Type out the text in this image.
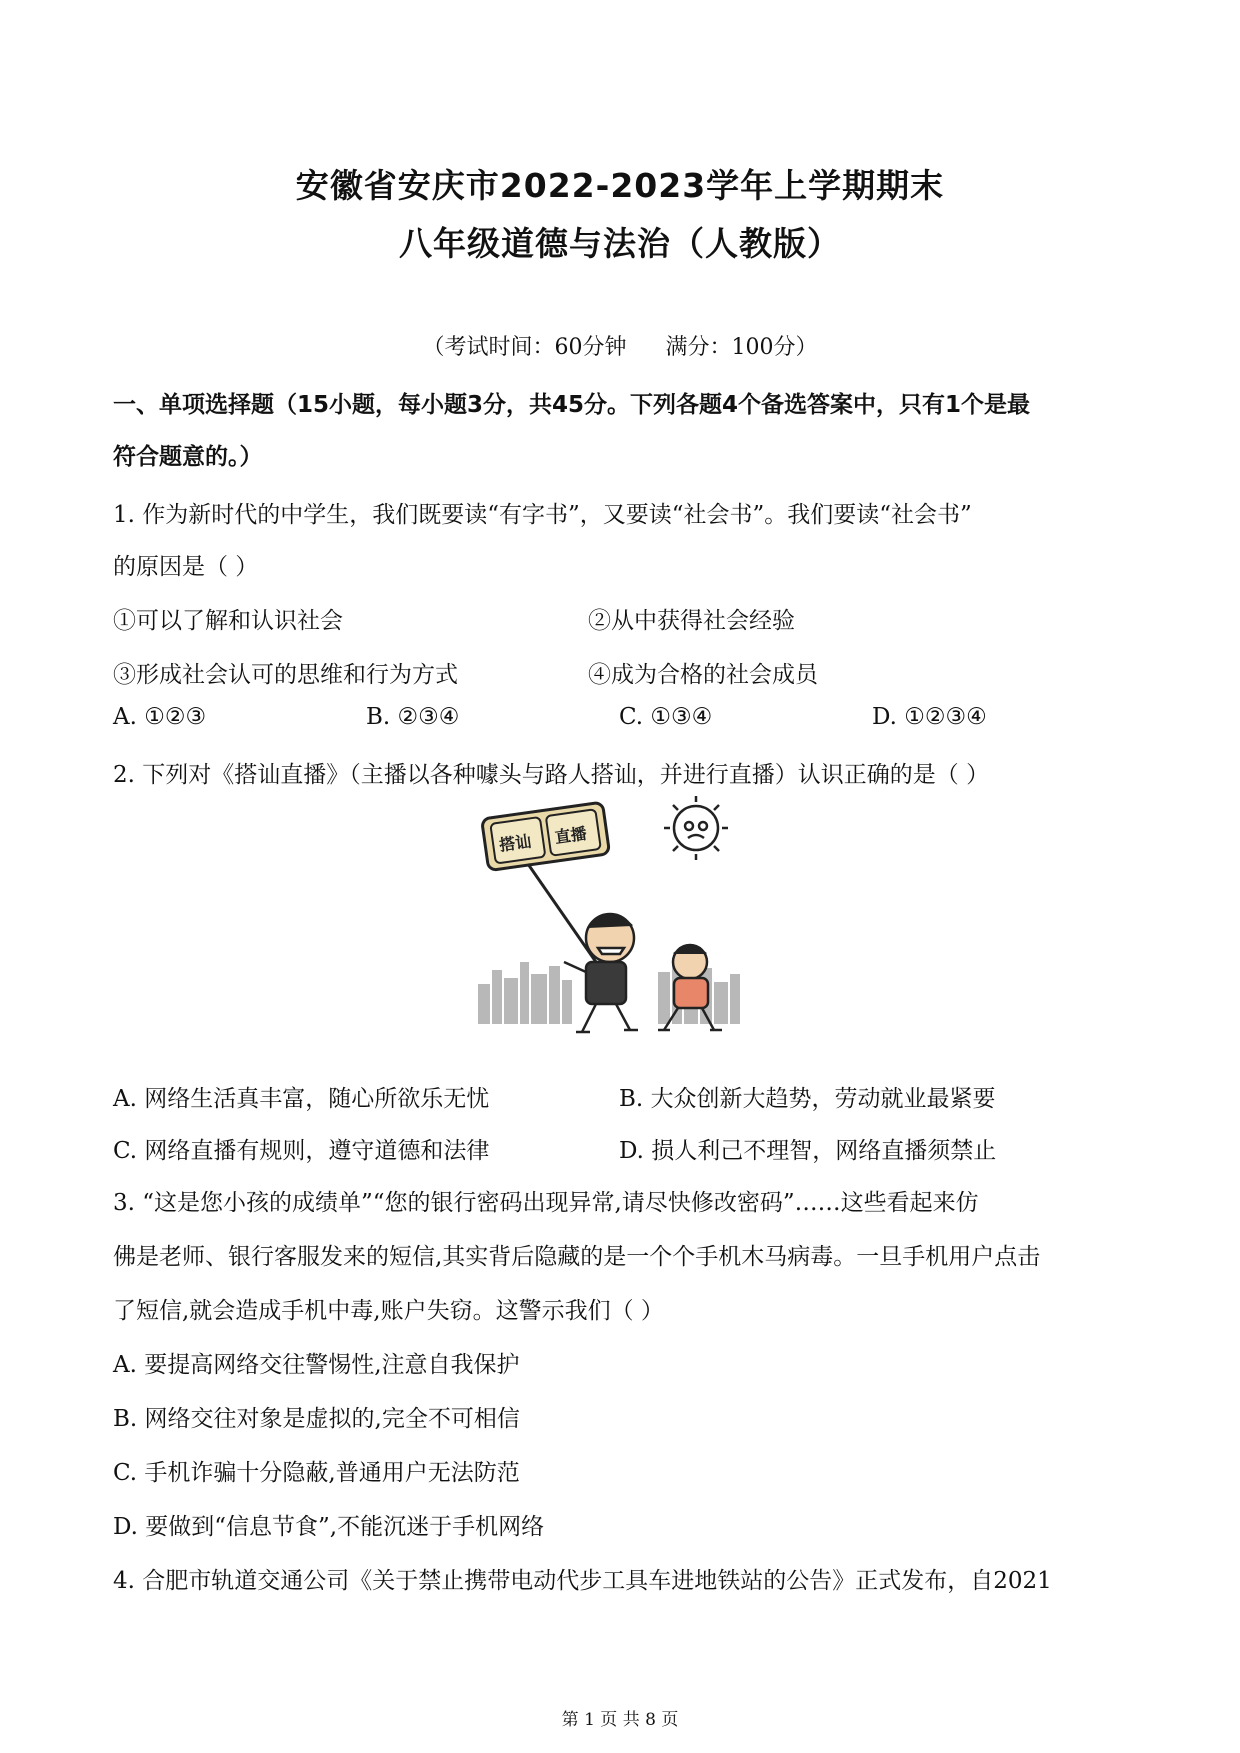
安徽省安庆市2022-2023学年上学期期末
八年级道德与法治（人教版）
（考试时间：60分钟 满分：100分）
一、单项选择题（15小题，每小题3分，共45分。下列各题4个备选答案中，只有1个是最
符合题意的。）
1. 作为新时代的中学生，我们既要读“有字书”，又要读“社会书”。我们要读“社会书”
的原因是（ ）
①可以了解和认识社会	②从中获得社会经验
③形成社会认可的思维和行为方式	④成为合格的社会成员
A. ①②③	B. ②③④	C. ①③④	D. ①②③④
2. 下列对《搭讪直播》（主播以各种噱头与路人搭讪，并进行直播）认识正确的是（ ）
搭讪 直播
A. 网络生活真丰富，随心所欲乐无忧	B. 大众创新大趋势，劳动就业最紧要
C. 网络直播有规则，遵守道德和法律	D. 损人利己不理智，网络直播须禁止
3. “这是您小孩的成绩单”“您的银行密码出现异常,请尽快修改密码”……这些看起来仿
佛是老师、银行客服发来的短信,其实背后隐藏的是一个个手机木马病毒。一旦手机用户点击
了短信,就会造成手机中毒,账户失窃。这警示我们（ ）
A. 要提高网络交往警惕性,注意自我保护
B. 网络交往对象是虚拟的,完全不可相信
C. 手机诈骗十分隐蔽,普通用户无法防范
D. 要做到“信息节食”,不能沉迷于手机网络
4. 合肥市轨道交通公司《关于禁止携带电动代步工具车进地铁站的公告》正式发布，自2021
第 1 页 共 8 页
